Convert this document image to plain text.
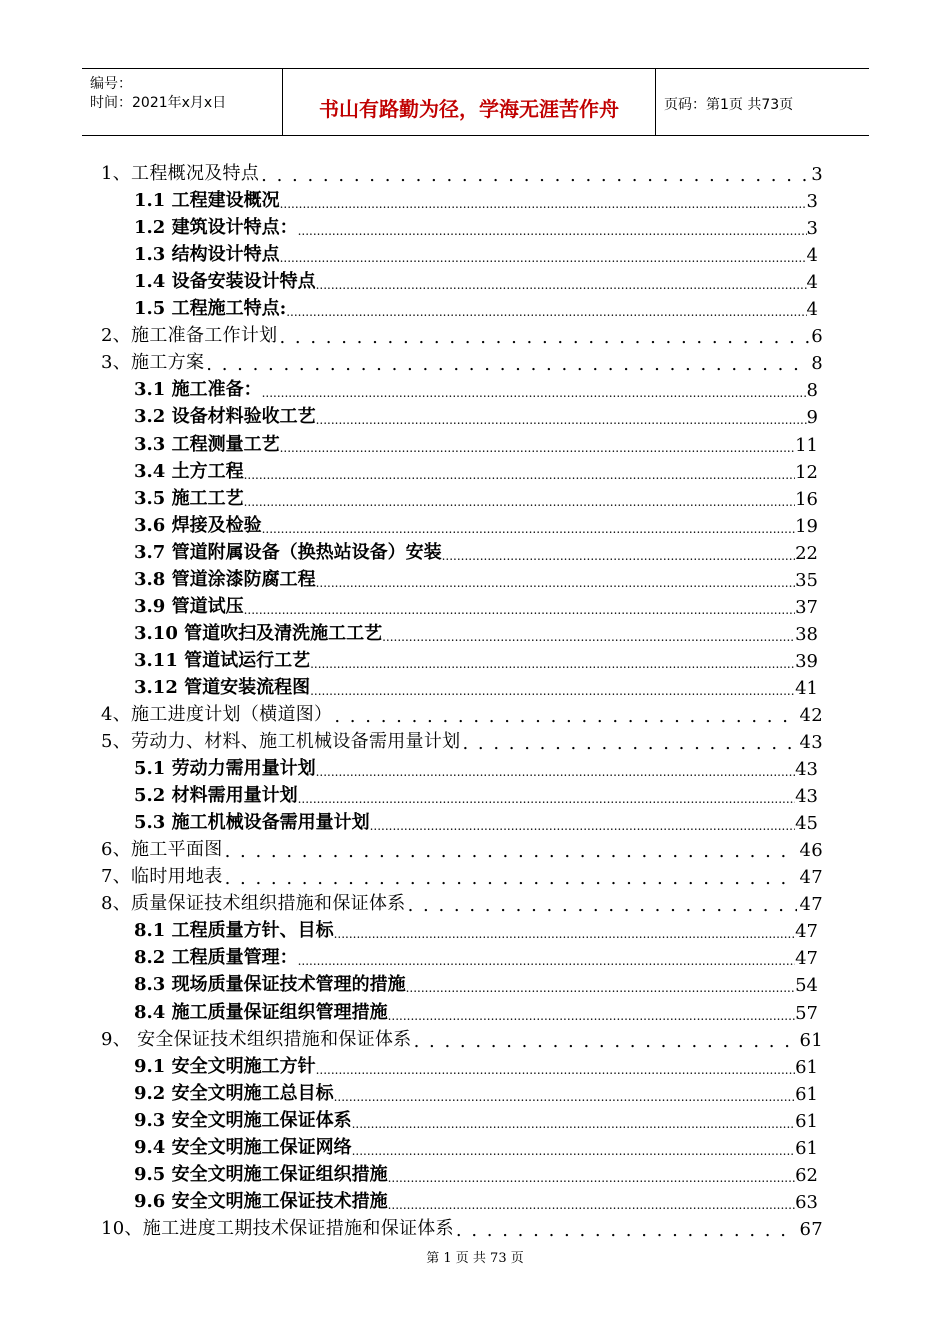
编号：
时间：2021年x月x日	书山有路勤为径，学海无涯苦作舟	页码：第1页 共73页
1、工程概况及特点 . . .	3
1.1 工程建设概况 .....	3
1.2 建筑设计特点： .....	3
1.3 结构设计特点 .....	4
1.4 设备安装设计特点 .....	4
1.5 工程施工特点: .....	4
2、施工准备工作计划 . . .	6
3、施工方案 . . .	8
3.1 施工准备： .....	8
3.2 设备材料验收工艺 .....	9
3.3 工程测量工艺 .....	11
3.4 土方工程 .....	12
3.5 施工工艺 .....	16
3.6 焊接及检验 .....	19
3.7 管道附属设备（换热站设备）安装 .....	22
3.8 管道涂漆防腐工程 .....	35
3.9 管道试压 .....	37
3.10 管道吹扫及清洗施工工艺 .....	38
3.11 管道试运行工艺 .....	39
3.12 管道安装流程图 .....	41
4、施工进度计划（横道图） . . .	42
5、劳动力、材料、施工机械设备需用量计划 . . .	43
5.1 劳动力需用量计划 .....	43
5.2 材料需用量计划 .....	43
5.3 施工机械设备需用量计划 .....	45
6、施工平面图 . . .	46
7、临时用地表 . . .	47
8、质量保证技术组织措施和保证体系 . . .	47
8.1 工程质量方针、目标 .....	47
8.2 工程质量管理： .....	47
8.3 现场质量保证技术管理的措施 .....	54
8.4 施工质量保证组织管理措施 .....	57
9、 安全保证技术组织措施和保证体系 . . .	61
9.1 安全文明施工方针 .....	61
9.2 安全文明施工总目标 .....	61
9.3 安全文明施工保证体系 .....	61
9.4 安全文明施工保证网络 .....	61
9.5 安全文明施工保证组织措施 .....	62
9.6 安全文明施工保证技术措施 .....	63
10、施工进度工期技术保证措施和保证体系 . . .	67
第 1 页 共 73 页
